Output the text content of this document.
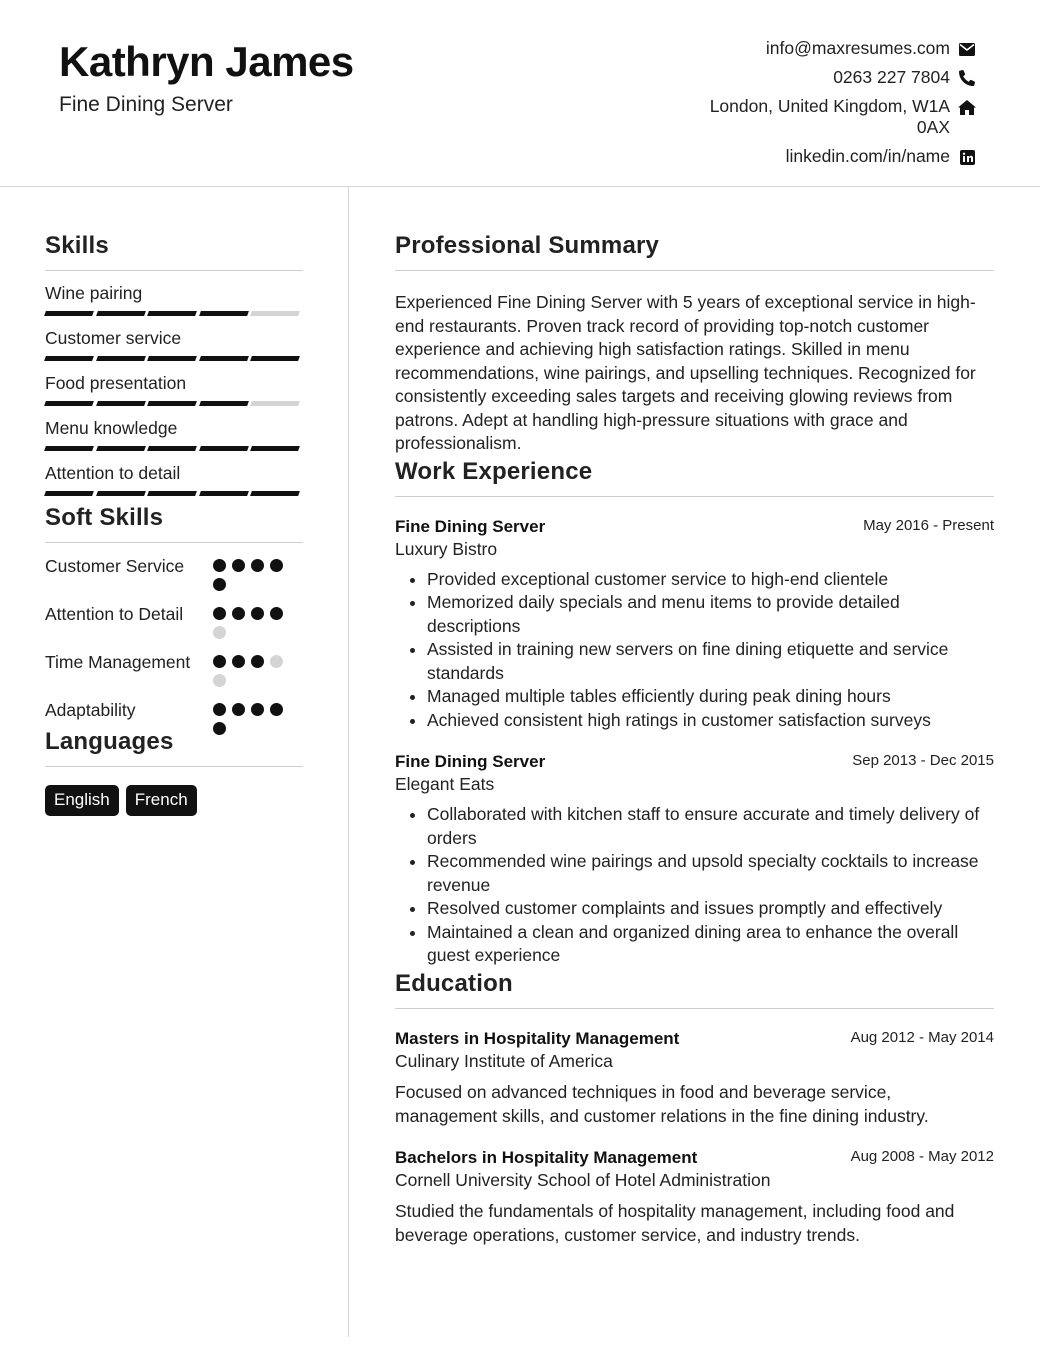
Kathryn James
Fine Dining Server
info@maxresumes.com
0263 227 7804
London, United Kingdom, W1A 0AX
linkedin.com/in/name
Skills
Wine pairing
Customer service
Food presentation
Menu knowledge
Attention to detail
Soft Skills
Customer Service
Attention to Detail
Time Management
Adaptability
Languages
English	French
Professional Summary

Experienced Fine Dining Server with 5 years of exceptional service in high-end restaurants. Proven track record of providing top-notch customer experience and achieving high satisfaction ratings. Skilled in menu recommendations, wine pairings, and upselling techniques. Recognized for consistently exceeding sales targets and receiving glowing reviews from patrons. Adept at handling high-pressure situations with grace and professionalism.

Work Experience
Fine Dining Server	May 2016 - Present
Luxury Bistro
• Provided exceptional customer service to high-end clientele
• Memorized daily specials and menu items to provide detailed descriptions
• Assisted in training new servers on fine dining etiquette and service standards
• Managed multiple tables efficiently during peak dining hours
• Achieved consistent high ratings in customer satisfaction surveys
Fine Dining Server	Sep 2013 - Dec 2015
Elegant Eats
• Collaborated with kitchen staff to ensure accurate and timely delivery of orders
• Recommended wine pairings and upsold specialty cocktails to increase revenue
• Resolved customer complaints and issues promptly and effectively
• Maintained a clean and organized dining area to enhance the overall guest experience
Education
Masters in Hospitality Management	Aug 2012 - May 2014
Culinary Institute of America
Focused on advanced techniques in food and beverage service, management skills, and customer relations in the fine dining industry.
Bachelors in Hospitality Management	Aug 2008 - May 2012
Cornell University School of Hotel Administration
Studied the fundamentals of hospitality management, including food and beverage operations, customer service, and industry trends.
